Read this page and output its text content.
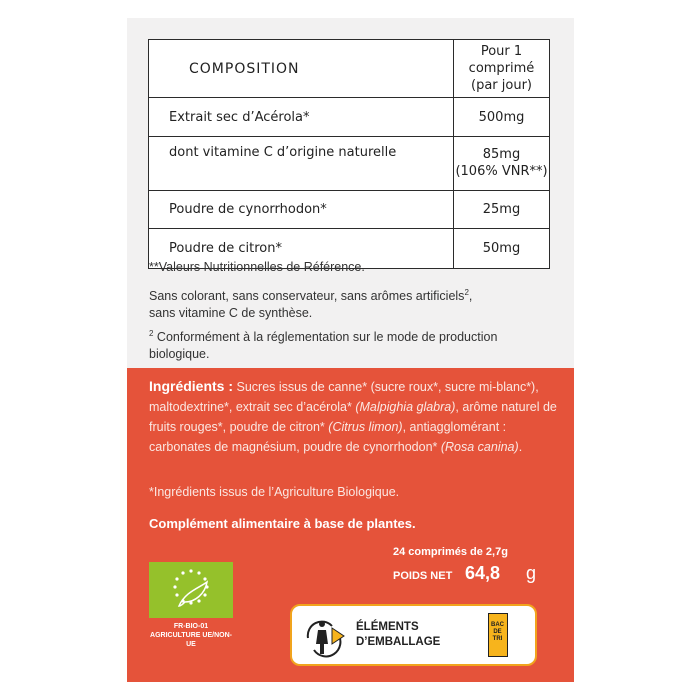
COMPOSITION	Pour 1 comprimé
(par jour)
Extrait sec d’Acérola*	500mg
dont vitamine C d’origine naturelle	85mg
(106% VNR**)
Poudre de cynorrhodon*	25mg
Poudre de citron*	50mg
**Valeurs Nutritionnelles de Référence.
Sans colorant, sans conservateur, sans arômes artificiels$^2$,
sans vitamine C de synthèse.
$^2$ Conformément à la réglementation sur le mode de production
biologique.
Ingrédients : Sucres issus de canne* (sucre roux*, sucre mi-blanc*), maltodextrine*, extrait sec d’acérola* (Malpighia glabra), arôme naturel de fruits rouges*, poudre de citron* (Citrus limon), antiagglomérant : carbonates de magnésium, poudre de cynorrhodon* (Rosa canina).
*Ingrédients issus de l’Agriculture Biologique.
Complément alimentaire à base de plantes.
24 comprimés de 2,7g
POIDS NET 64,8 g
FR-BIO-01
AGRICULTURE UE/NON-UE
ÉLÉMENTS
D’EMBALLAGE
BAC
DE
TRI
